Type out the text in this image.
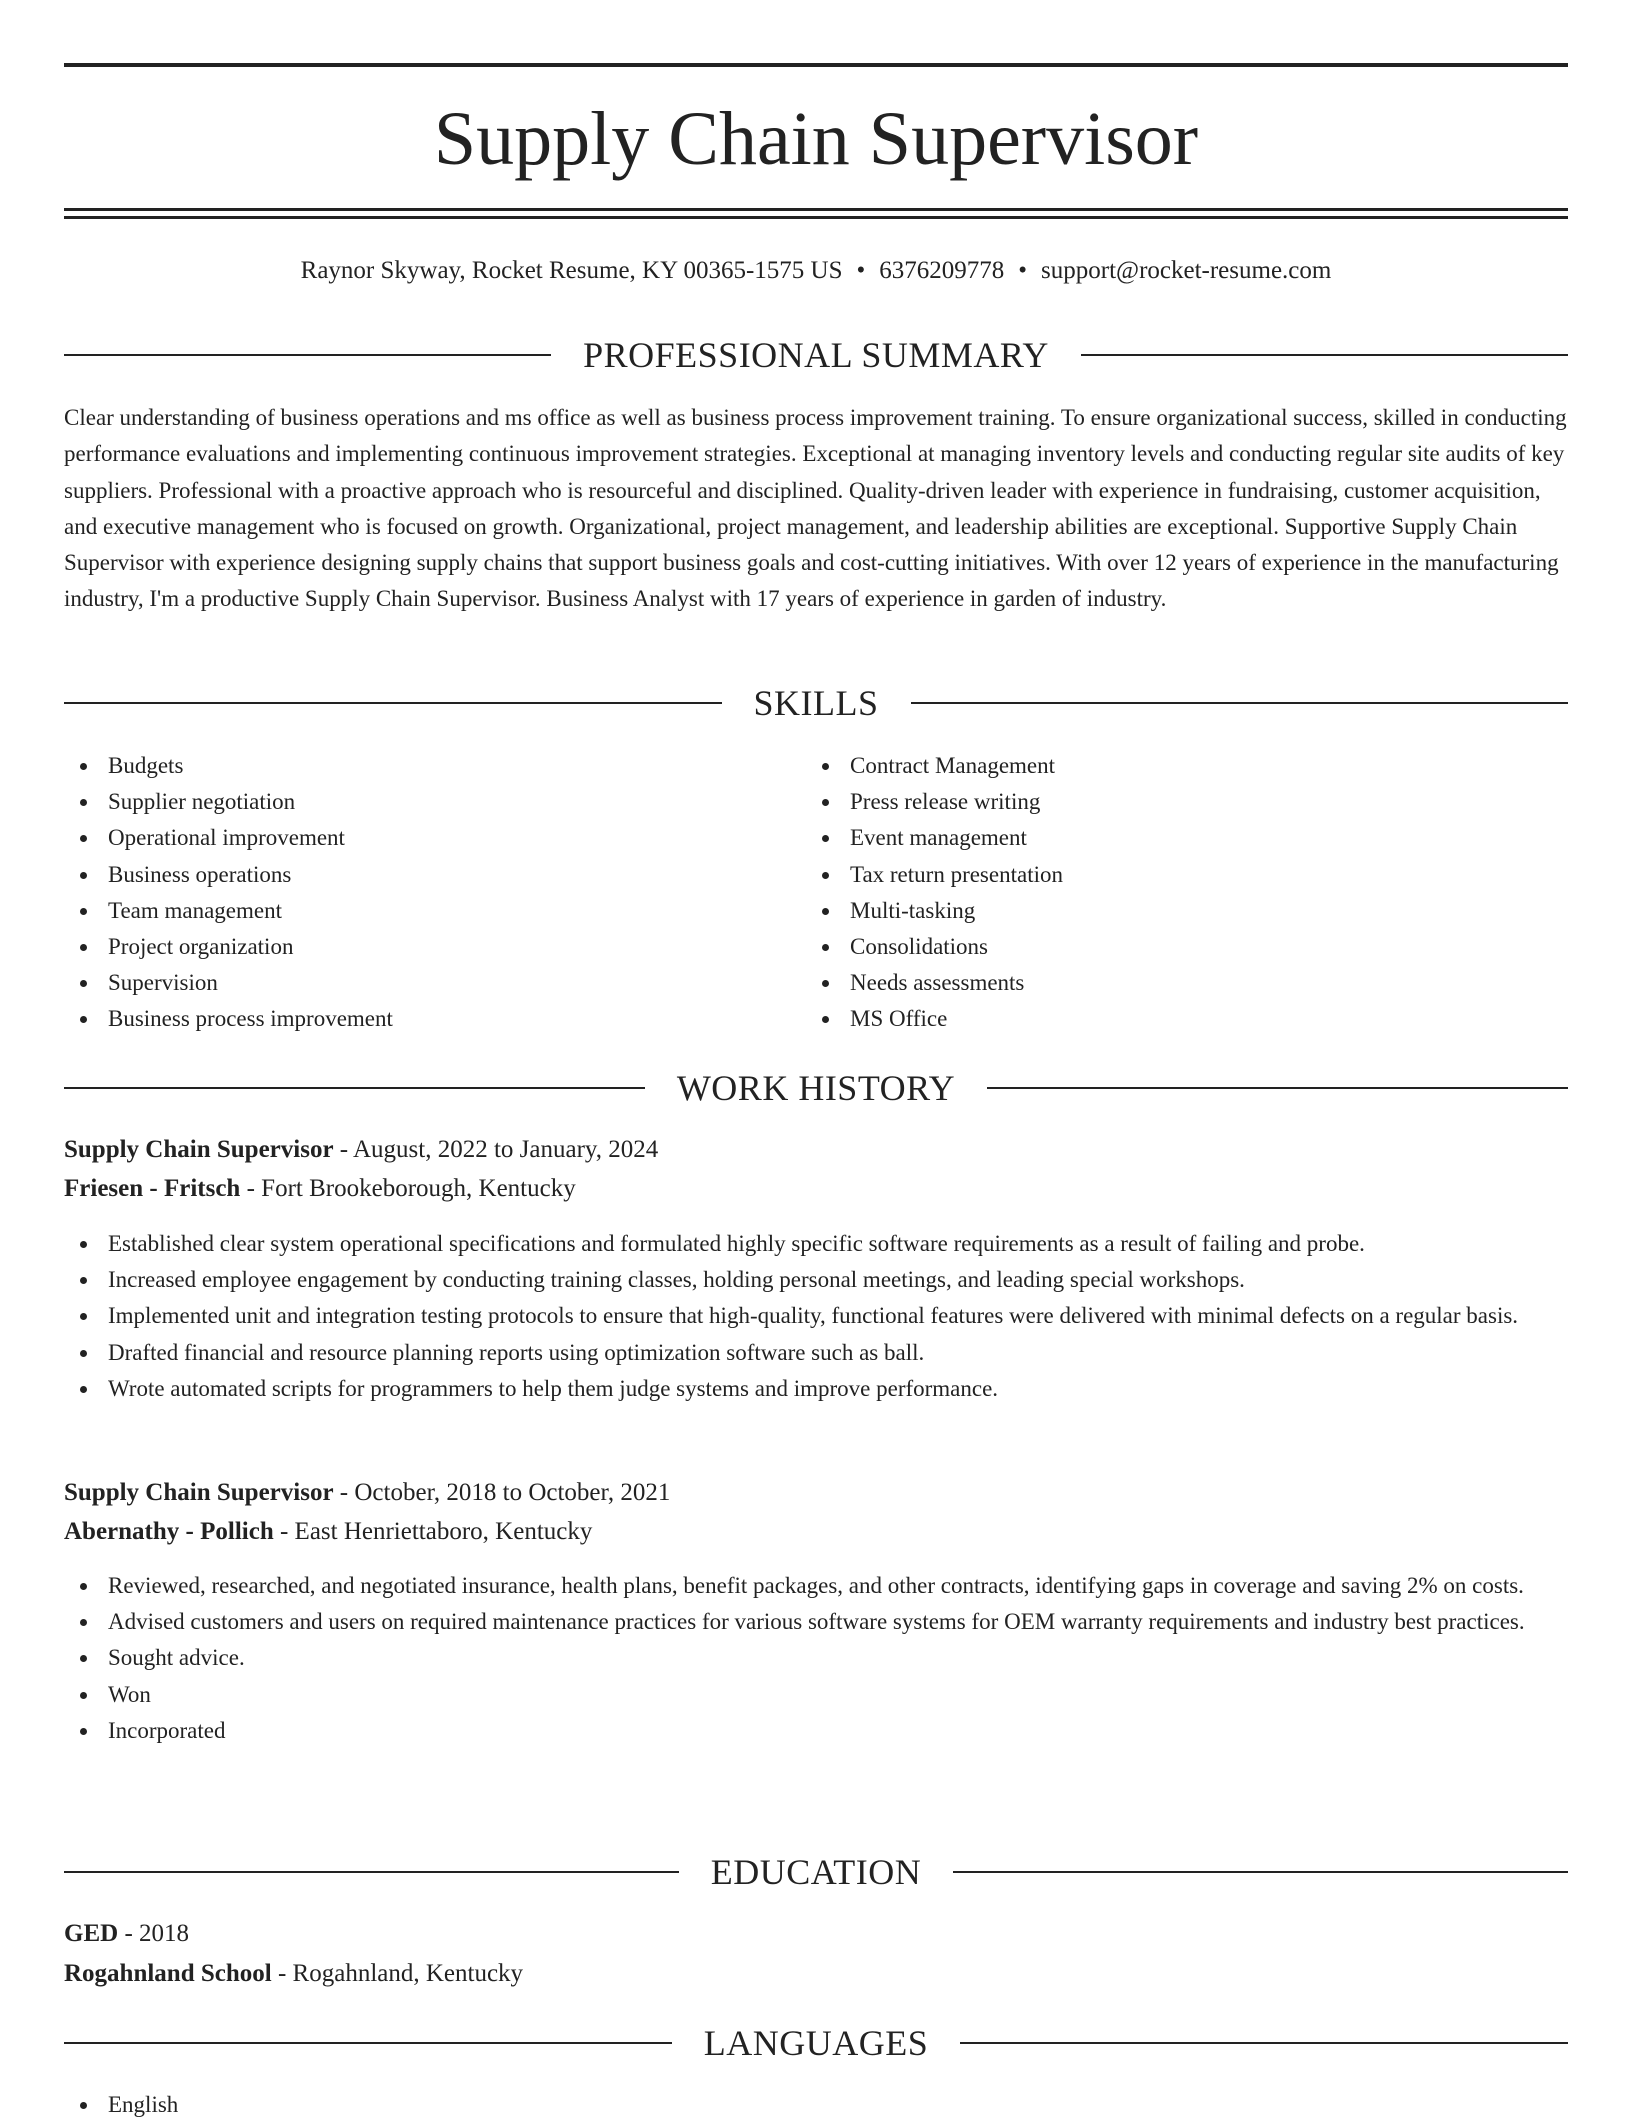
Supply Chain Supervisor
Raynor Skyway, Rocket Resume, KY 00365-1575 US • 6376209778 • support@rocket-resume.com
PROFESSIONAL SUMMARY

Clear understanding of business operations and ms office as well as business process improvement training. To ensure organizational success, skilled in conducting performance evaluations and implementing continuous improvement strategies. Exceptional at managing inventory levels and conducting regular site audits of key suppliers. Professional with a proactive approach who is resourceful and disciplined. Quality-driven leader with experience in fundraising, customer acquisition, and executive management who is focused on growth. Organizational, project management, and leadership abilities are exceptional. Supportive Supply Chain Supervisor with experience designing supply chains that support business goals and cost-cutting initiatives. With over 12 years of experience in the manufacturing industry, I'm a productive Supply Chain Supervisor. Business Analyst with 17 years of experience in garden of industry.

SKILLS
Budgets
Supplier negotiation
Operational improvement
Business operations
Team management
Project organization
Supervision
Business process improvement
Contract Management
Press release writing
Event management
Tax return presentation
Multi-tasking
Consolidations
Needs assessments
MS Office
WORK HISTORY
Supply Chain Supervisor - August, 2022 to January, 2024
Friesen - Fritsch - Fort Brookeborough, Kentucky
Established clear system operational specifications and formulated highly specific software requirements as a result of failing and probe.
Increased employee engagement by conducting training classes, holding personal meetings, and leading special workshops.
Implemented unit and integration testing protocols to ensure that high-quality, functional features were delivered with minimal defects on a regular basis.
Drafted financial and resource planning reports using optimization software such as ball.
Wrote automated scripts for programmers to help them judge systems and improve performance.
Supply Chain Supervisor - October, 2018 to October, 2021
Abernathy - Pollich - East Henriettaboro, Kentucky
Reviewed, researched, and negotiated insurance, health plans, benefit packages, and other contracts, identifying gaps in coverage and saving 2% on costs.
Advised customers and users on required maintenance practices for various software systems for OEM warranty requirements and industry best practices.
Sought advice.
Won
Incorporated
EDUCATION
GED - 2018
Rogahnland School - Rogahnland, Kentucky
LANGUAGES
English
